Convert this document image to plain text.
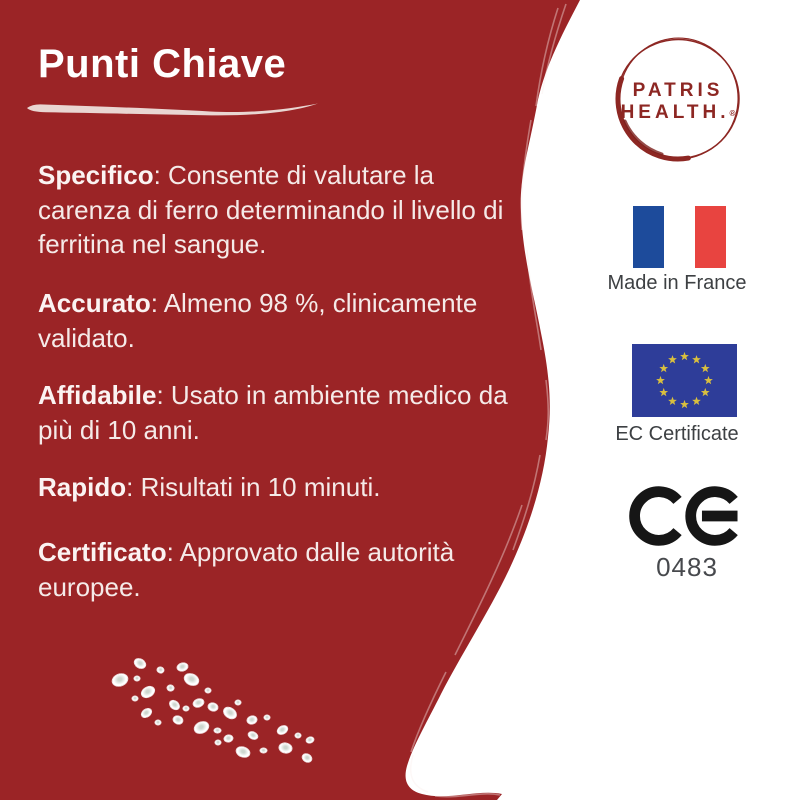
Punti Chiave
Specifico: Consente di valutare la carenza di ferro determinando il livello di ferritina nel sangue.
Accurato: Almeno 98 %, clinicamente validato.
Affidabile: Usato in ambiente medico da più di 10 anni.
Rapido: Risultati in 10 minuti.
Certificato: Approvato dalle autorità europee.
PATRIS
HEALTH.®
Made in France
EC Certificate
0483
